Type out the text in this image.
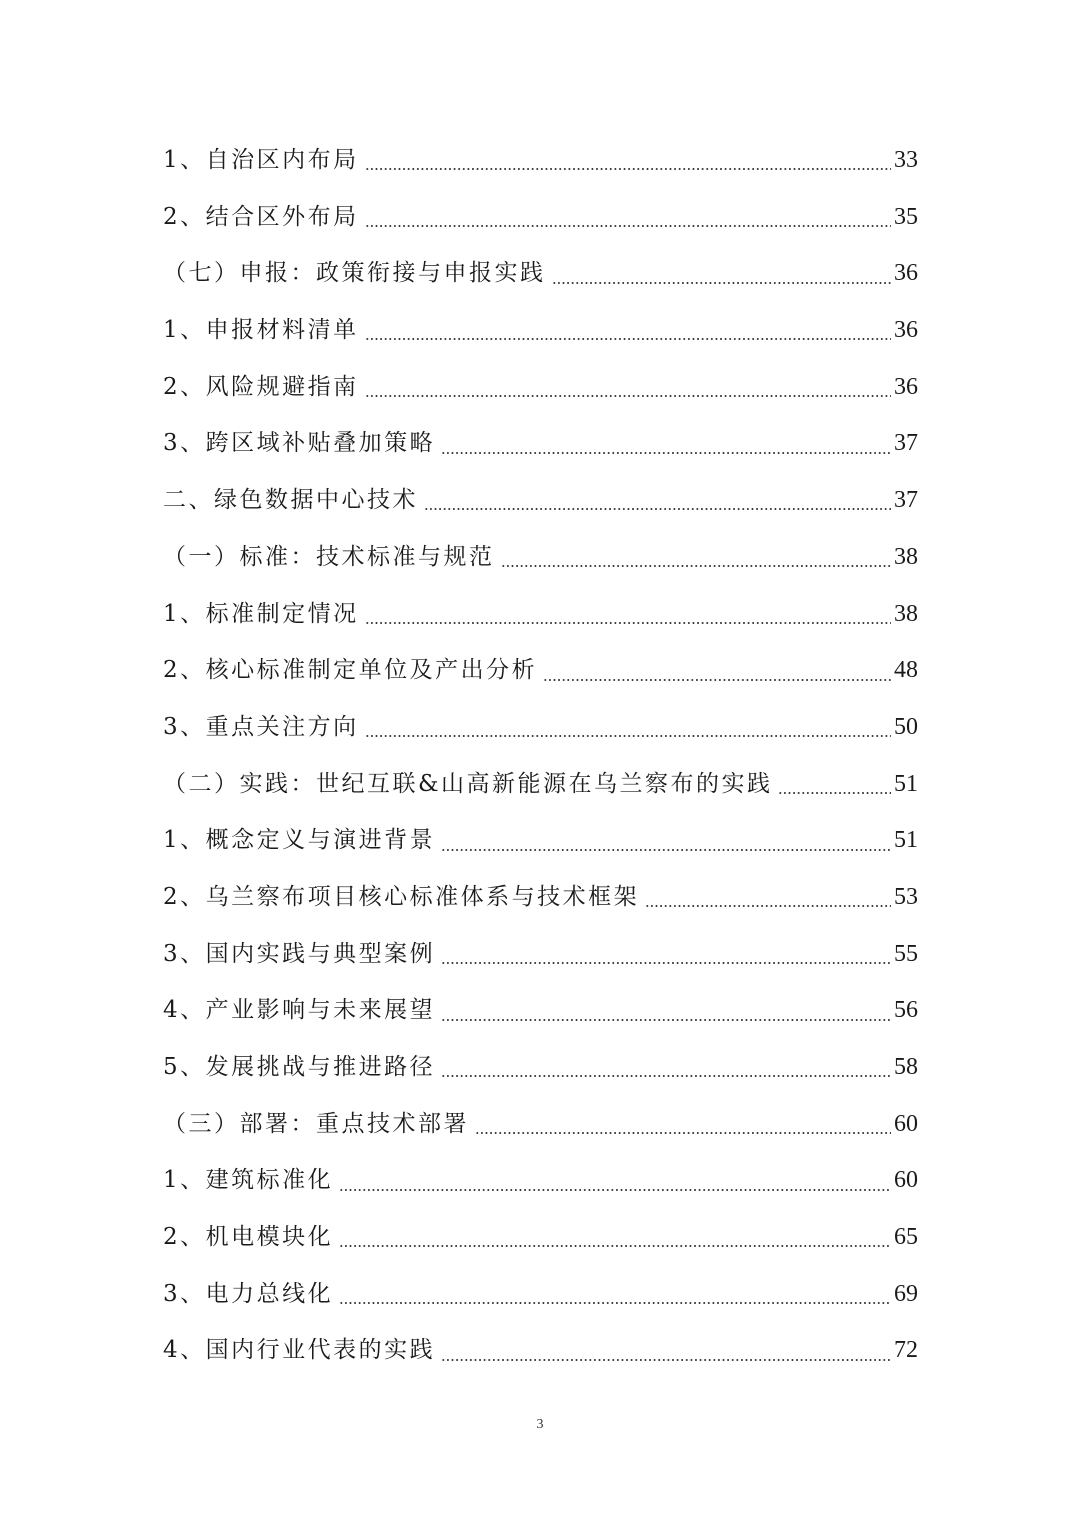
1、自治区内布局	33
2、结合区外布局	35
（七）申报：政策衔接与申报实践	36
1、申报材料清单	36
2、风险规避指南	36
3、跨区域补贴叠加策略	37
二、绿色数据中心技术	37
（一）标准：技术标准与规范	38
1、标准制定情况	38
2、核心标准制定单位及产出分析	48
3、重点关注方向	50
（二）实践：世纪互联&山高新能源在乌兰察布的实践	51
1、概念定义与演进背景	51
2、乌兰察布项目核心标准体系与技术框架	53
3、国内实践与典型案例	55
4、产业影响与未来展望	56
5、发展挑战与推进路径	58
（三）部署：重点技术部署	60
1、建筑标准化	60
2、机电模块化	65
3、电力总线化	69
4、国内行业代表的实践	72
3
